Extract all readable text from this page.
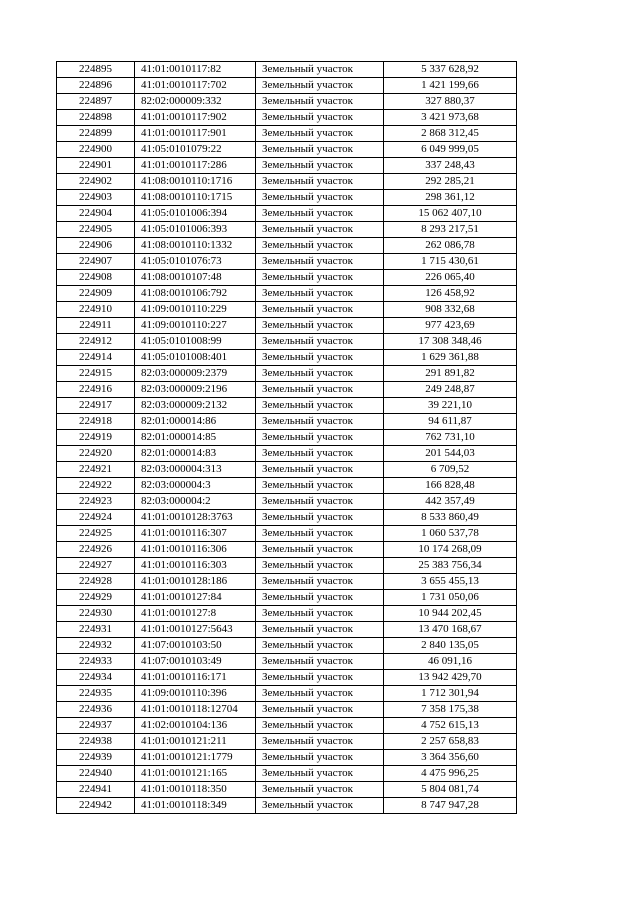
224895	41:01:0010117:82	Земельный участок	5 337 628,92
224896	41:01:0010117:702	Земельный участок	1 421 199,66
224897	82:02:000009:332	Земельный участок	327 880,37
224898	41:01:0010117:902	Земельный участок	3 421 973,68
224899	41:01:0010117:901	Земельный участок	2 868 312,45
224900	41:05:0101079:22	Земельный участок	6 049 999,05
224901	41:01:0010117:286	Земельный участок	337 248,43
224902	41:08:0010110:1716	Земельный участок	292 285,21
224903	41:08:0010110:1715	Земельный участок	298 361,12
224904	41:05:0101006:394	Земельный участок	15 062 407,10
224905	41:05:0101006:393	Земельный участок	8 293 217,51
224906	41:08:0010110:1332	Земельный участок	262 086,78
224907	41:05:0101076:73	Земельный участок	1 715 430,61
224908	41:08:0010107:48	Земельный участок	226 065,40
224909	41:08:0010106:792	Земельный участок	126 458,92
224910	41:09:0010110:229	Земельный участок	908 332,68
224911	41:09:0010110:227	Земельный участок	977 423,69
224912	41:05:0101008:99	Земельный участок	17 308 348,46
224914	41:05:0101008:401	Земельный участок	1 629 361,88
224915	82:03:000009:2379	Земельный участок	291 891,82
224916	82:03:000009:2196	Земельный участок	249 248,87
224917	82:03:000009:2132	Земельный участок	39 221,10
224918	82:01:000014:86	Земельный участок	94 611,87
224919	82:01:000014:85	Земельный участок	762 731,10
224920	82:01:000014:83	Земельный участок	201 544,03
224921	82:03:000004:313	Земельный участок	6 709,52
224922	82:03:000004:3	Земельный участок	166 828,48
224923	82:03:000004:2	Земельный участок	442 357,49
224924	41:01:0010128:3763	Земельный участок	8 533 860,49
224925	41:01:0010116:307	Земельный участок	1 060 537,78
224926	41:01:0010116:306	Земельный участок	10 174 268,09
224927	41:01:0010116:303	Земельный участок	25 383 756,34
224928	41:01:0010128:186	Земельный участок	3 655 455,13
224929	41:01:0010127:84	Земельный участок	1 731 050,06
224930	41:01:0010127:8	Земельный участок	10 944 202,45
224931	41:01:0010127:5643	Земельный участок	13 470 168,67
224932	41:07:0010103:50	Земельный участок	2 840 135,05
224933	41:07:0010103:49	Земельный участок	46 091,16
224934	41:01:0010116:171	Земельный участок	13 942 429,70
224935	41:09:0010110:396	Земельный участок	1 712 301,94
224936	41:01:0010118:12704	Земельный участок	7 358 175,38
224937	41:02:0010104:136	Земельный участок	4 752 615,13
224938	41:01:0010121:211	Земельный участок	2 257 658,83
224939	41:01:0010121:1779	Земельный участок	3 364 356,60
224940	41:01:0010121:165	Земельный участок	4 475 996,25
224941	41:01:0010118:350	Земельный участок	5 804 081,74
224942	41:01:0010118:349	Земельный участок	8 747 947,28
